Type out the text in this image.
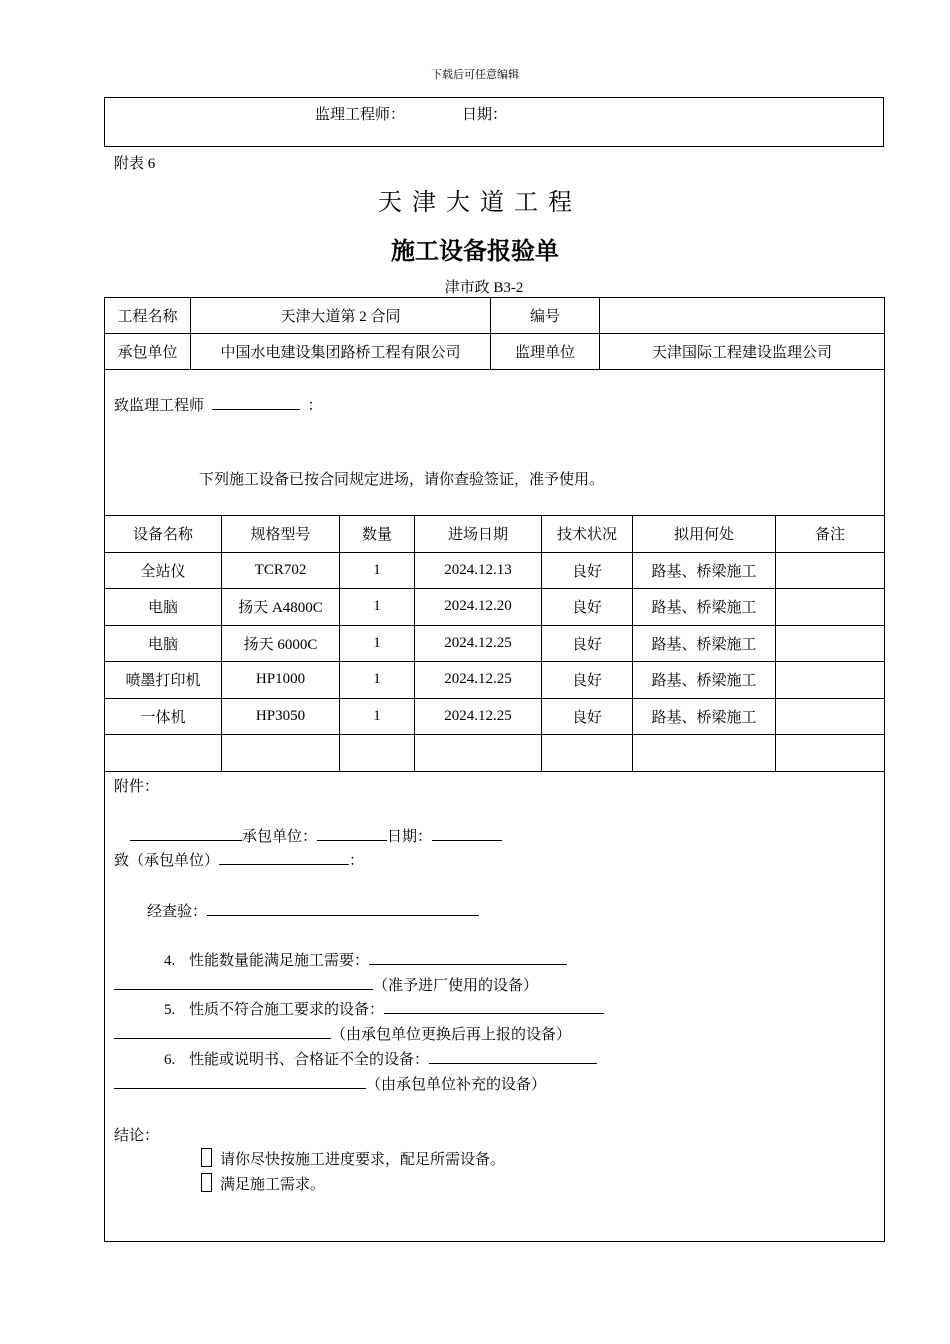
下载后可任意编辑
监理工程师：	日期：
附表 6
天津大道工程
施工设备报验单
津市政 B3-2
工程名称	天津大道第 2 合同	编号	
承包单位	中国水电建设集团路桥工程有限公司	监理单位	天津国际工程建设监理公司
致监理工程师	：
下列施工设备已按合同规定进场，请你查验签证，准予使用。
设备名称	规格型号	数量	进场日期	技术状况	拟用何处	备注
全站仪	TCR702	1	2024.12.13	良好	路基、桥梁施工	
电脑	扬天 A4800C	1	2024.12.20	良好	路基、桥梁施工	
电脑	扬天 6000C	1	2024.12.25	良好	路基、桥梁施工	
喷墨打印机	HP1000	1	2024.12.25	良好	路基、桥梁施工	
一体机	HP3050	1	2024.12.25	良好	路基、桥梁施工	

附件：
承包单位：	日期：
致（承包单位）	：
经查验：
4. 性能数量能满足施工需要：
（准予进厂使用的设备）
5. 性质不符合施工要求的设备：
（由承包单位更换后再上报的设备）
6. 性能或说明书、合格证不全的设备：
（由承包单位补充的设备）
结论：
请你尽快按施工进度要求，配足所需设备。
满足施工需求。
